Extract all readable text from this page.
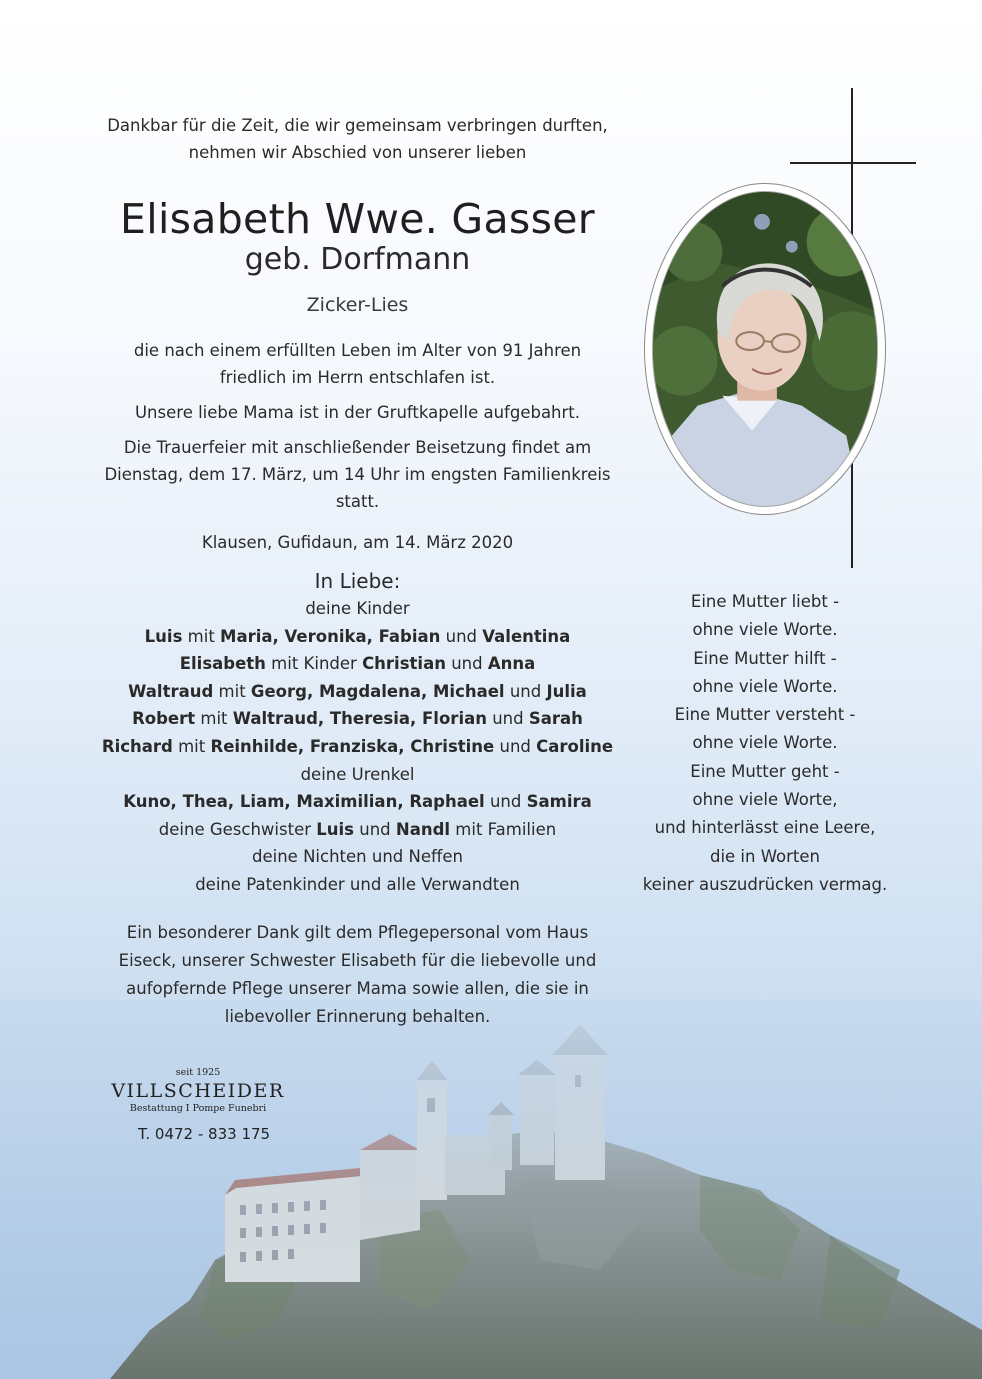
Dankbar für die Zeit, die wir gemeinsam verbringen durften,

nehmen wir Abschied von unserer lieben

Elisabeth Wwe. Gasser
geb. Dorfmann
Zicker-Lies

die nach einem erfüllten Leben im Alter von 91 Jahren

friedlich im Herrn entschlafen ist.

Unsere liebe Mama ist in der Gruftkapelle aufgebahrt.

Die Trauerfeier mit anschließender Beisetzung findet am

Dienstag, dem 17. März, um 14 Uhr im engsten Familienkreis

statt.

Klausen, Gufidaun, am 14. März 2020
In Liebe:

deine Kinder

Luis mit Maria, Veronika, Fabian und Valentina

Elisabeth mit Kinder Christian und Anna

Waltraud mit Georg, Magdalena, Michael und Julia

Robert mit Waltraud, Theresia, Florian und Sarah

Richard mit Reinhilde, Franziska, Christine und Caroline

deine Urenkel

Kuno, Thea, Liam, Maximilian, Raphael und Samira

deine Geschwister Luis und Nandl mit Familien

deine Nichten und Neffen

deine Patenkinder und alle Verwandten

Ein besonderer Dank gilt dem Pflegepersonal vom Haus

Eiseck, unserer Schwester Elisabeth für die liebevolle und

aufopfernde Pflege unserer Mama sowie allen, die sie in

liebevoller Erinnerung behalten.

Eine Mutter liebt -

ohne viele Worte.

Eine Mutter hilft -

ohne viele Worte.

Eine Mutter versteht -

ohne viele Worte.

Eine Mutter geht -

ohne viele Worte,

und hinterlässt eine Leere,

die in Worten

keiner auszudrücken vermag.

seit 1925
VILLSCHEIDER
Bestattung I Pompe Funebri
T. 0472 - 833 175
